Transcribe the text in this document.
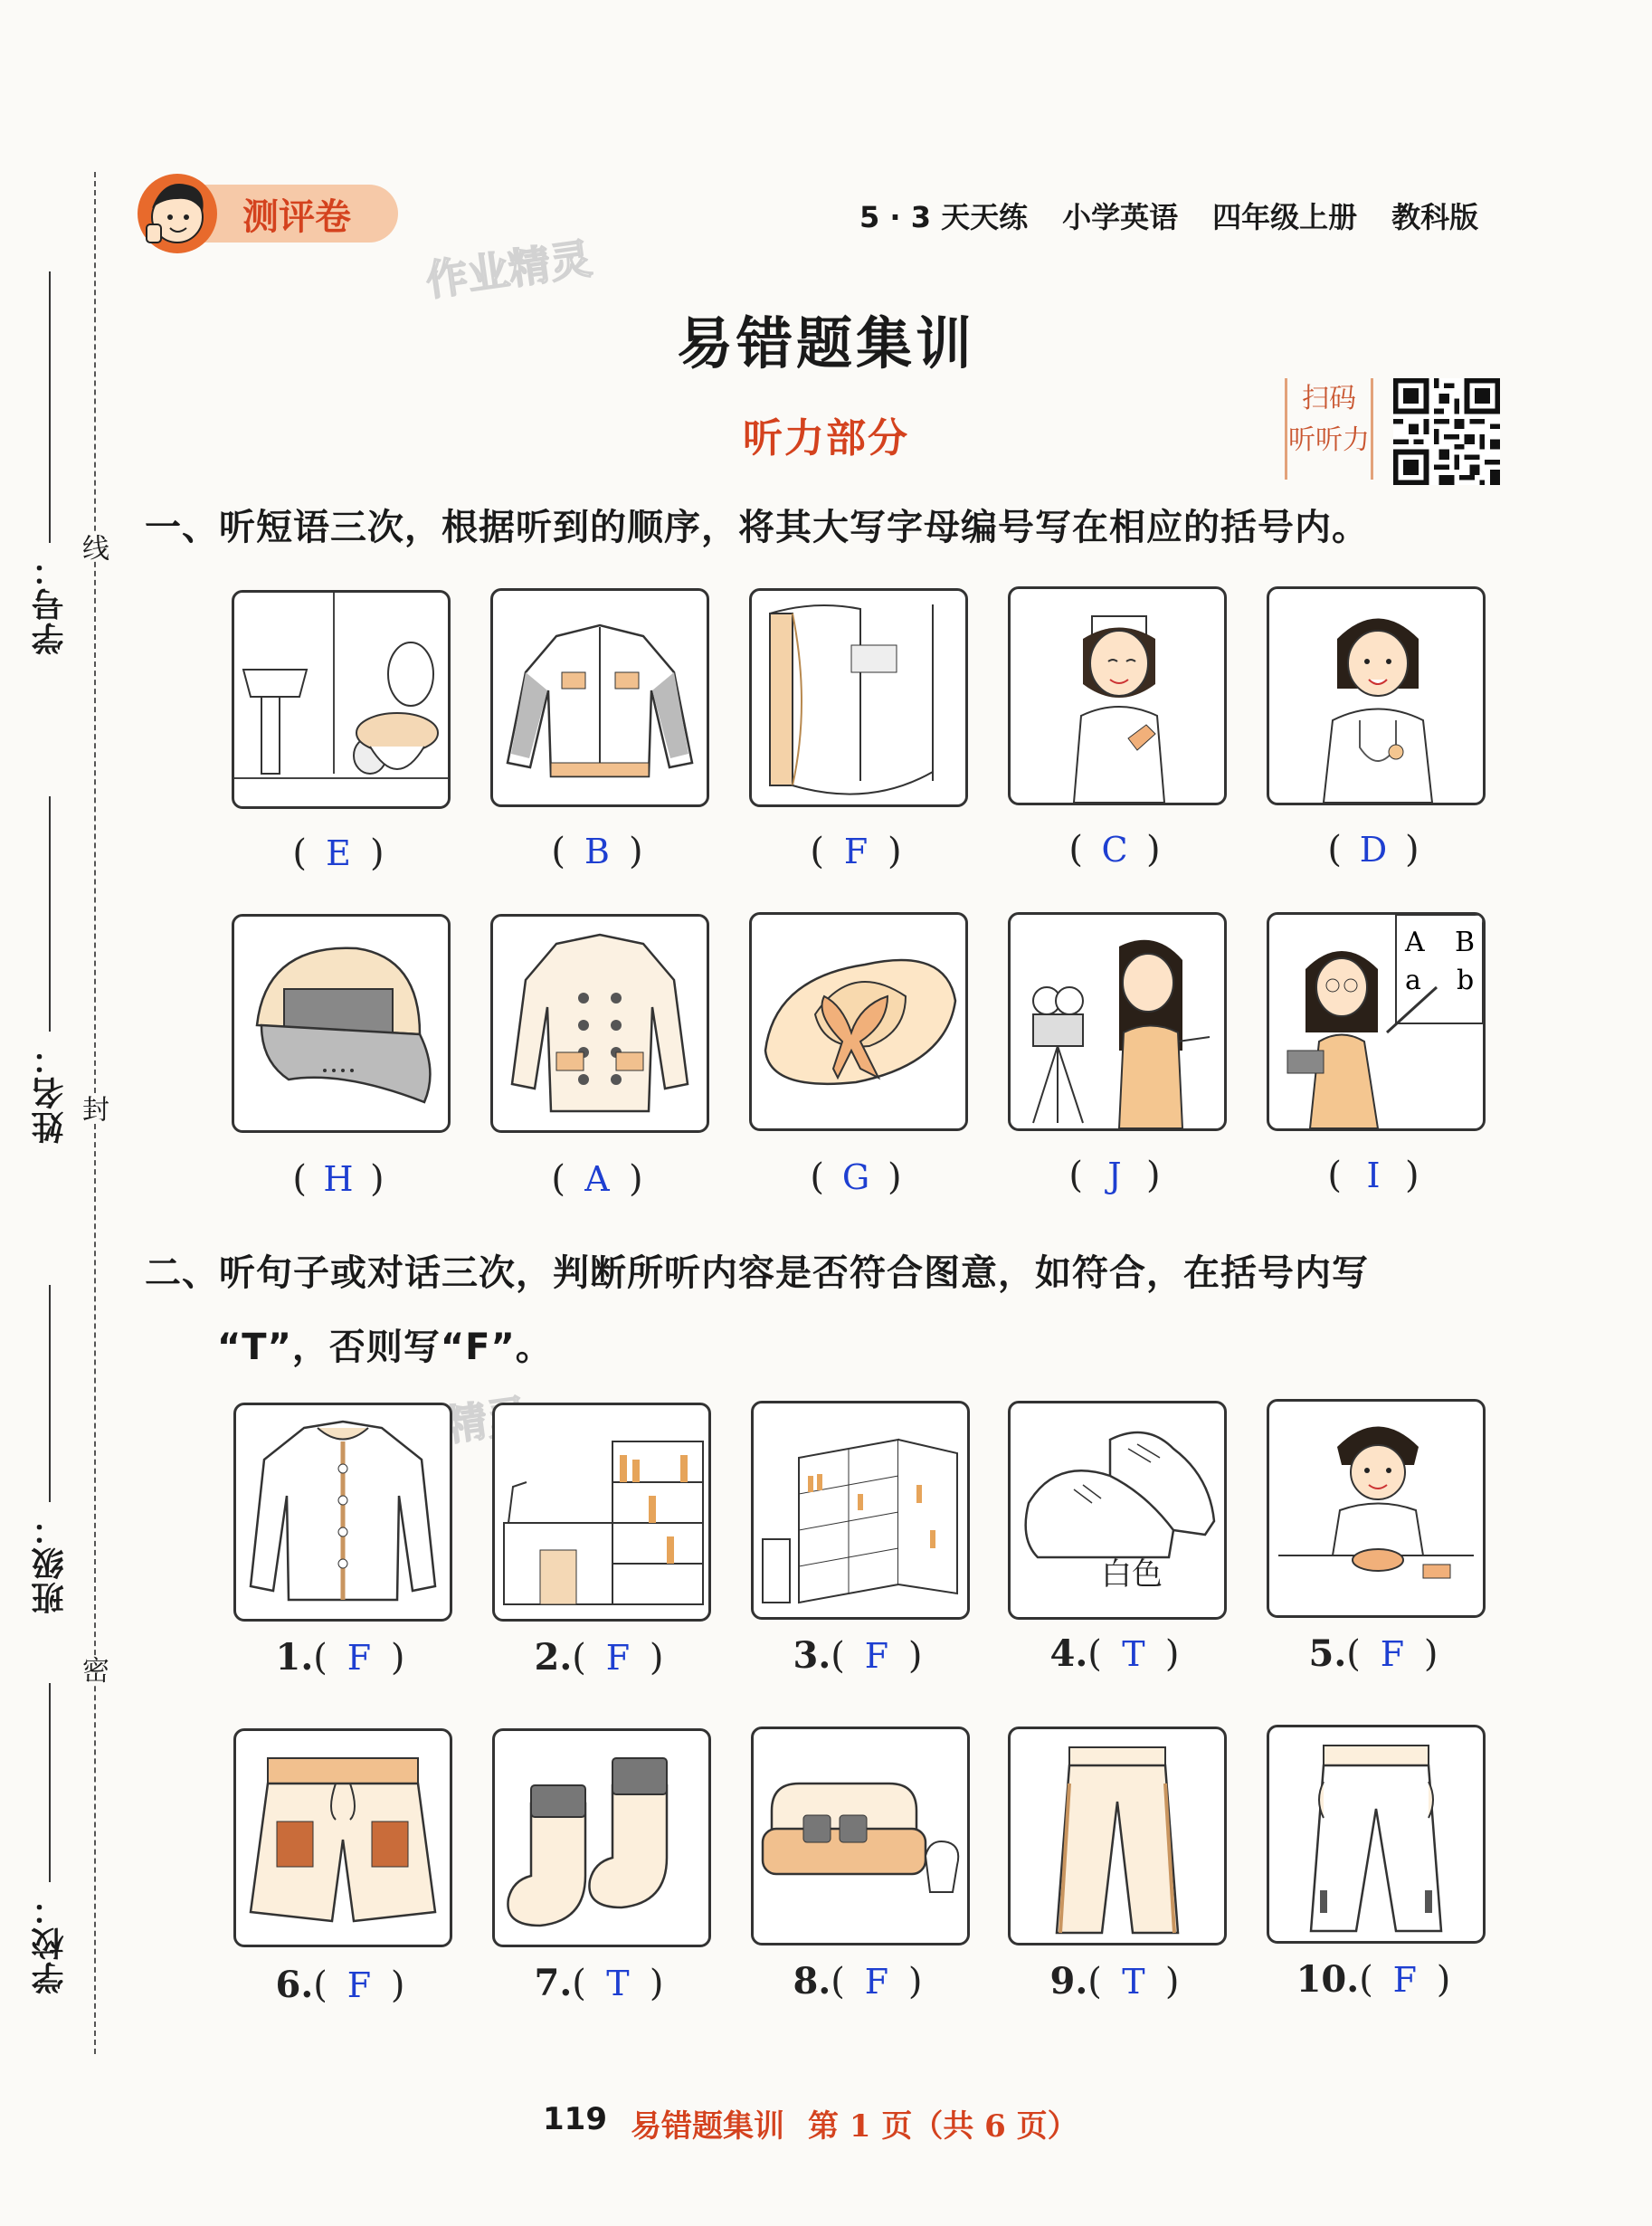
学号：
姓名：
班级：
学校：
线
封
密
测评卷	5 · 3 天天练 小学英语 四年级上册 教科版
作业精灵
易错题集训
听力部分
扫码
听听力
一、听短语三次，根据听到的顺序，将其大写字母编号写在相应的括号内。
( E )	( B )	( F )	( C )	( D )
A B
a b
( H )	( A )	( G )	( J )	( I )
二、听句子或对话三次，判断所听内容是否符合图意，如符合，在括号内写
“T”，否则写“F”。
白色
1.( F )	2.( F )	3.( F )	4.( T )	5.( F )
6.( F )	7.( T )	8.( F )	9.( T )	10.( F )
119 易错题集训 第 1 页（共 6 页）
